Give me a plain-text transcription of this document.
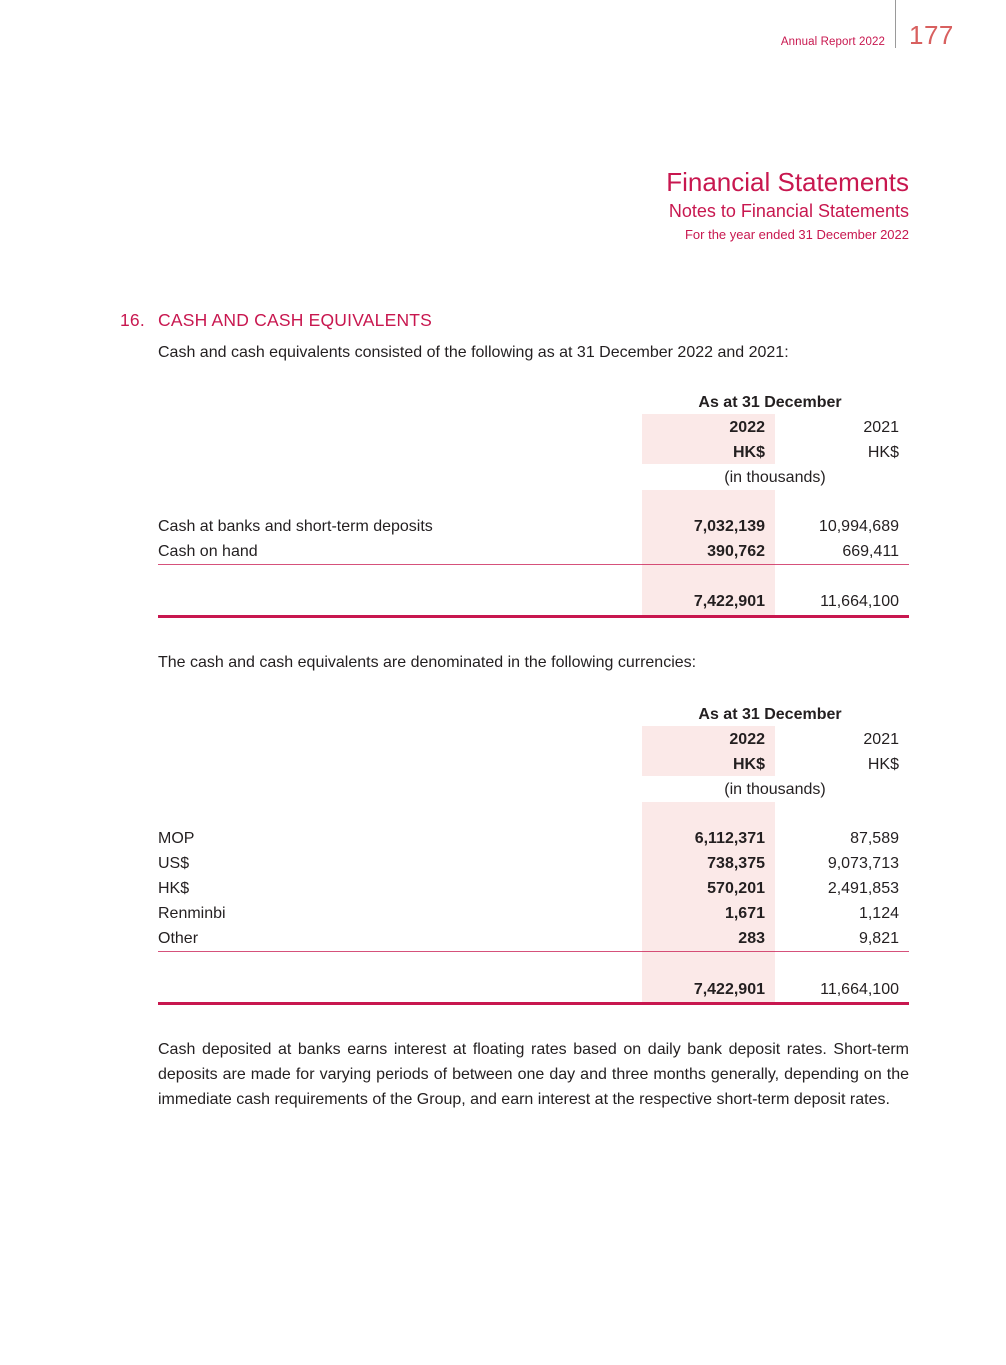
Annual Report 2022 177
Financial Statements
Notes to Financial Statements
For the year ended 31 December 2022
16. CASH AND CASH EQUIVALENTS
Cash and cash equivalents consisted of the following as at 31 December 2022 and 2021:
As at 31 December
2022	2021
HK$	HK$
(in thousands)
Cash at banks and short-term deposits	7,032,139	10,994,689
Cash on hand	390,762	669,411
7,422,901	11,664,100
The cash and cash equivalents are denominated in the following currencies:
As at 31 December
2022	2021
HK$	HK$
(in thousands)
MOP	6,112,371	87,589
US$	738,375	9,073,713
HK$	570,201	2,491,853
Renminbi	1,671	1,124
Other	283	9,821
7,422,901	11,664,100
Cash deposited at banks earns interest at floating rates based on daily bank deposit rates. Short-term deposits are made for varying periods of between one day and three months generally, depending on the immediate cash requirements of the Group, and earn interest at the respective short-term deposit rates.
